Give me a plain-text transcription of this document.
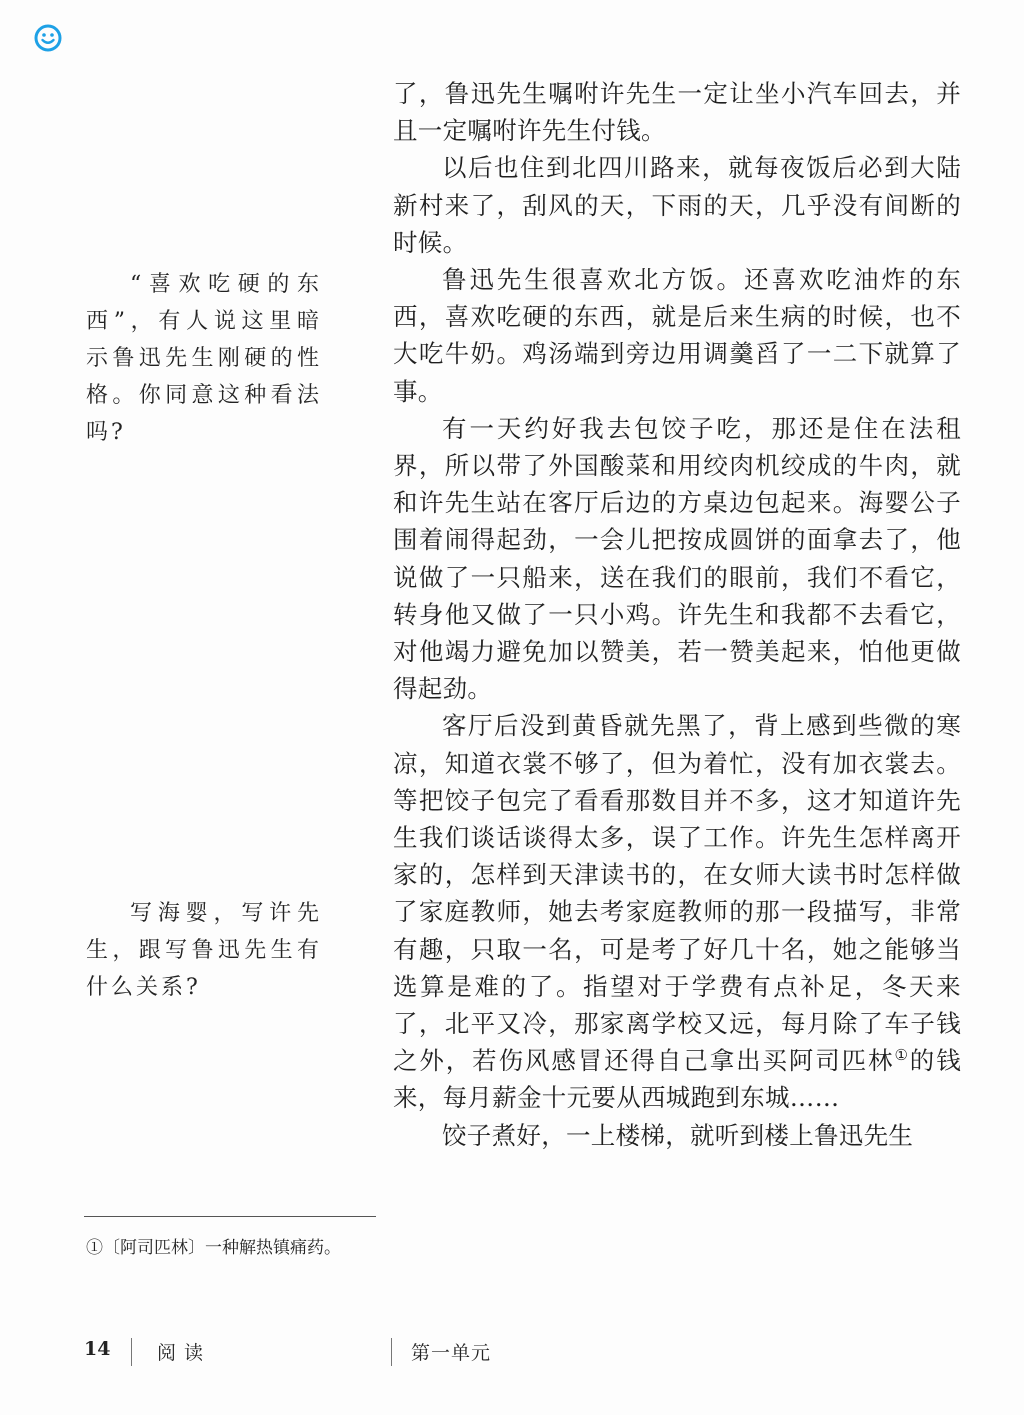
了，鲁迅先生嘱咐许先生一定让坐小汽车回去，并且一定嘱咐许先生付钱。

以后也住到北四川路来，就每夜饭后必到大陆新村来了，刮风的天，下雨的天，几乎没有间断的时候。

鲁迅先生很喜欢北方饭。还喜欢吃油炸的东西，喜欢吃硬的东西，就是后来生病的时候，也不大吃牛奶。鸡汤端到旁边用调羹舀了一二下就算了事。

有一天约好我去包饺子吃，那还是住在法租界，所以带了外国酸菜和用绞肉机绞成的牛肉，就和许先生站在客厅后边的方桌边包起来。海婴公子围着闹得起劲，一会儿把按成圆饼的面拿去了，他说做了一只船来，送在我们的眼前，我们不看它，转身他又做了一只小鸡。许先生和我都不去看它，对他竭力避免加以赞美，若一赞美起来，怕他更做得起劲。

客厅后没到黄昏就先黑了，背上感到些微的寒凉，知道衣裳不够了，但为着忙，没有加衣裳去。等把饺子包完了看看那数目并不多，这才知道许先生我们谈话谈得太多，误了工作。许先生怎样离开家的，怎样到天津读书的，在女师大读书时怎样做了家庭教师，她去考家庭教师的那一段描写，非常有趣，只取一名，可是考了好几十名，她之能够当选算是难的了。指望对于学费有点补足，冬天来了，北平又冷，那家离学校又远，每月除了车子钱之外，若伤风感冒还得自己拿出买阿司匹林①的钱来，每月薪金十元要从西城跑到东城……

饺子煮好，一上楼梯，就听到楼上鲁迅先生

“喜欢吃硬的东西”，有人说这里暗示鲁迅先生刚硬的性格。你同意这种看法吗?
写海婴，写许先生，跟写鲁迅先生有什么关系?
①〔阿司匹林〕一种解热镇痛药。
14 阅读	第一单元
